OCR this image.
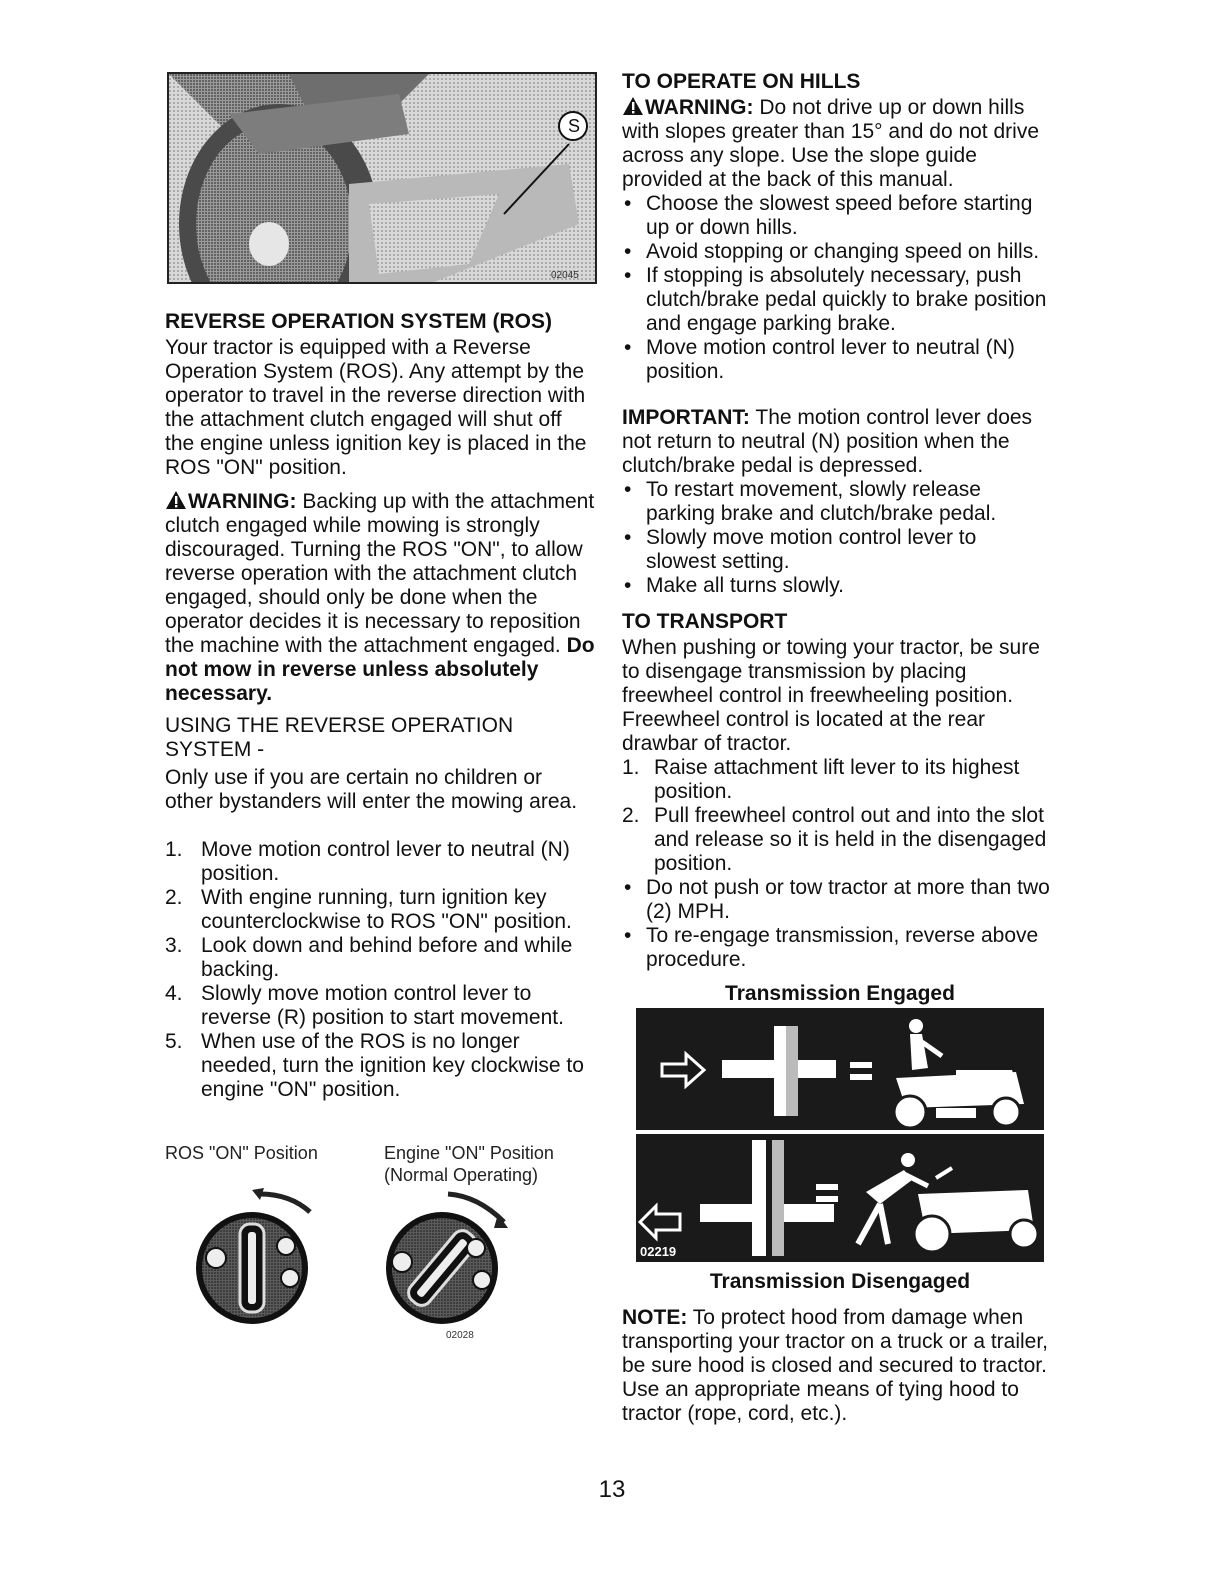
S
02045
REVERSE OPERATION SYSTEM (ROS)

Your tractor is equipped with a Reverse Operation System (ROS). Any attempt by the operator to travel in the reverse direction with the attachment clutch engaged will shut off the engine unless ignition key is placed in the ROS "ON" position.

WARNING: Backing up with the attachment clutch engaged while mowing is strongly discouraged. Turning the ROS "ON", to allow reverse operation with the attachment clutch engaged, should only be done when the operator decides it is necessary to reposition the machine with the attachment engaged. Do not mow in reverse unless absolutely necessary.

USING THE REVERSE OPERATION SYSTEM -

Only use if you are certain no children or other bystanders will enter the mowing area.

1. Move motion control lever to neutral (N) position.
2. With engine running, turn ignition key counterclockwise to ROS "ON" position.
3. Look down and behind before and while backing.
4. Slowly move motion control lever to reverse (R) position to start movement.
5. When use of the ROS is no longer needed, turn the ignition key clockwise to engine "ON" position.
ROS "ON" Position	Engine "ON" Position
(Normal Operating)
02028
TO OPERATE ON HILLS

WARNING: Do not drive up or down hills with slopes greater than 15° and do not drive across any slope. Use the slope guide provided at the back of this manual.

• Choose the slowest speed before starting up or down hills.
• Avoid stopping or changing speed on hills.
• If stopping is absolutely necessary, push clutch/brake pedal quickly to brake position and engage parking brake.
• Move motion control lever to neutral (N) position.

IMPORTANT: The motion control lever does not return to neutral (N) position when the clutch/brake pedal is depressed.

• To restart movement, slowly release parking brake and clutch/brake pedal.
• Slowly move motion control lever to slowest setting.
• Make all turns slowly.
TO TRANSPORT

When pushing or towing your tractor, be sure to disengage transmission by placing freewheel control in freewheeling position. Freewheel control is located at the rear drawbar of tractor.

1. Raise attachment lift lever to its highest position.
2. Pull freewheel control out and into the slot and release so it is held in the disengaged position.
• Do not push or tow tractor at more than two (2) MPH.
• To re-engage transmission, reverse above procedure.
Transmission Engaged
02219
Transmission Disengaged

NOTE: To protect hood from damage when transporting your tractor on a truck or a trailer, be sure hood is closed and secured to tractor. Use an appropriate means of tying hood to tractor (rope, cord, etc.).

13
